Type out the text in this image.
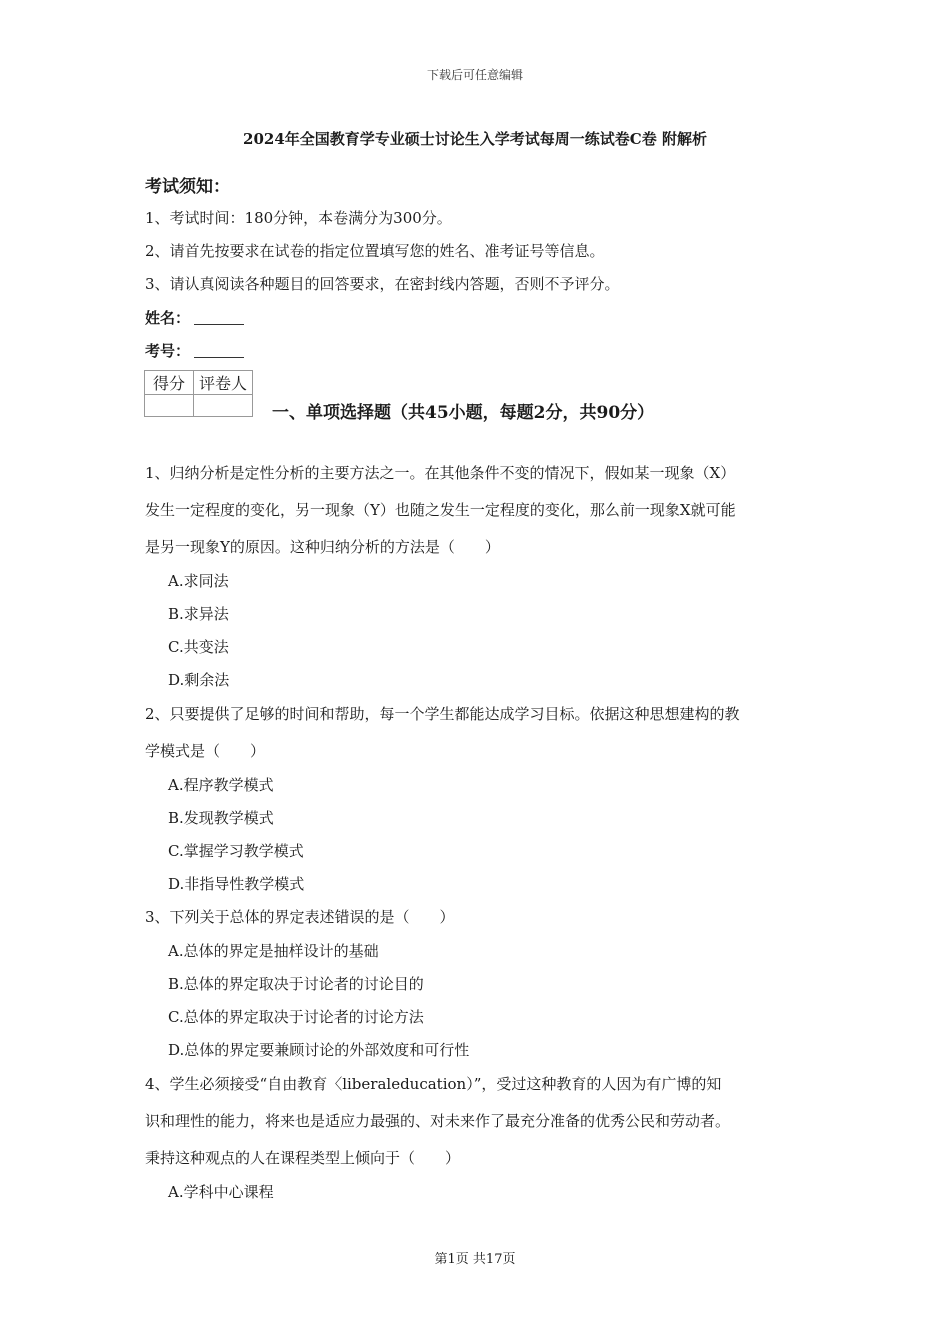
下载后可任意编辑
2024年全国教育学专业硕士讨论生入学考试每周一练试卷C卷 附解析
考试须知：
1、考试时间：180分钟，本卷满分为300分。
2、请首先按要求在试卷的指定位置填写您的姓名、准考证号等信息。
3、请认真阅读各种题目的回答要求，在密封线内答题，否则不予评分。
姓名：
考号：
得分	评卷人

一、单项选择题（共45小题，每题2分，共90分）
1、归纳分析是定性分析的主要方法之一。在其他条件不变的情况下，假如某一现象（X）
发生一定程度的变化，另一现象（Y）也随之发生一定程度的变化，那么前一现象X就可能
是另一现象Y的原因。这种归纳分析的方法是（　　）
A.求同法
B.求异法
C.共变法
D.剩余法
2、只要提供了足够的时间和帮助，每一个学生都能达成学习目标。依据这种思想建构的教
学模式是（　　）
A.程序教学模式
B.发现教学模式
C.掌握学习教学模式
D.非指导性教学模式
3、下列关于总体的界定表述错误的是（　　）
A.总体的界定是抽样设计的基础
B.总体的界定取决于讨论者的讨论目的
C.总体的界定取决于讨论者的讨论方法
D.总体的界定要兼顾讨论的外部效度和可行性
4、学生必须接受“自由教育〈liberaleducation）”，受过这种教育的人因为有广博的知
识和理性的能力，将来也是适应力最强的、对未来作了最充分准备的优秀公民和劳动者。
秉持这种观点的人在课程类型上倾向于（　　）
A.学科中心课程
第1页 共17页
